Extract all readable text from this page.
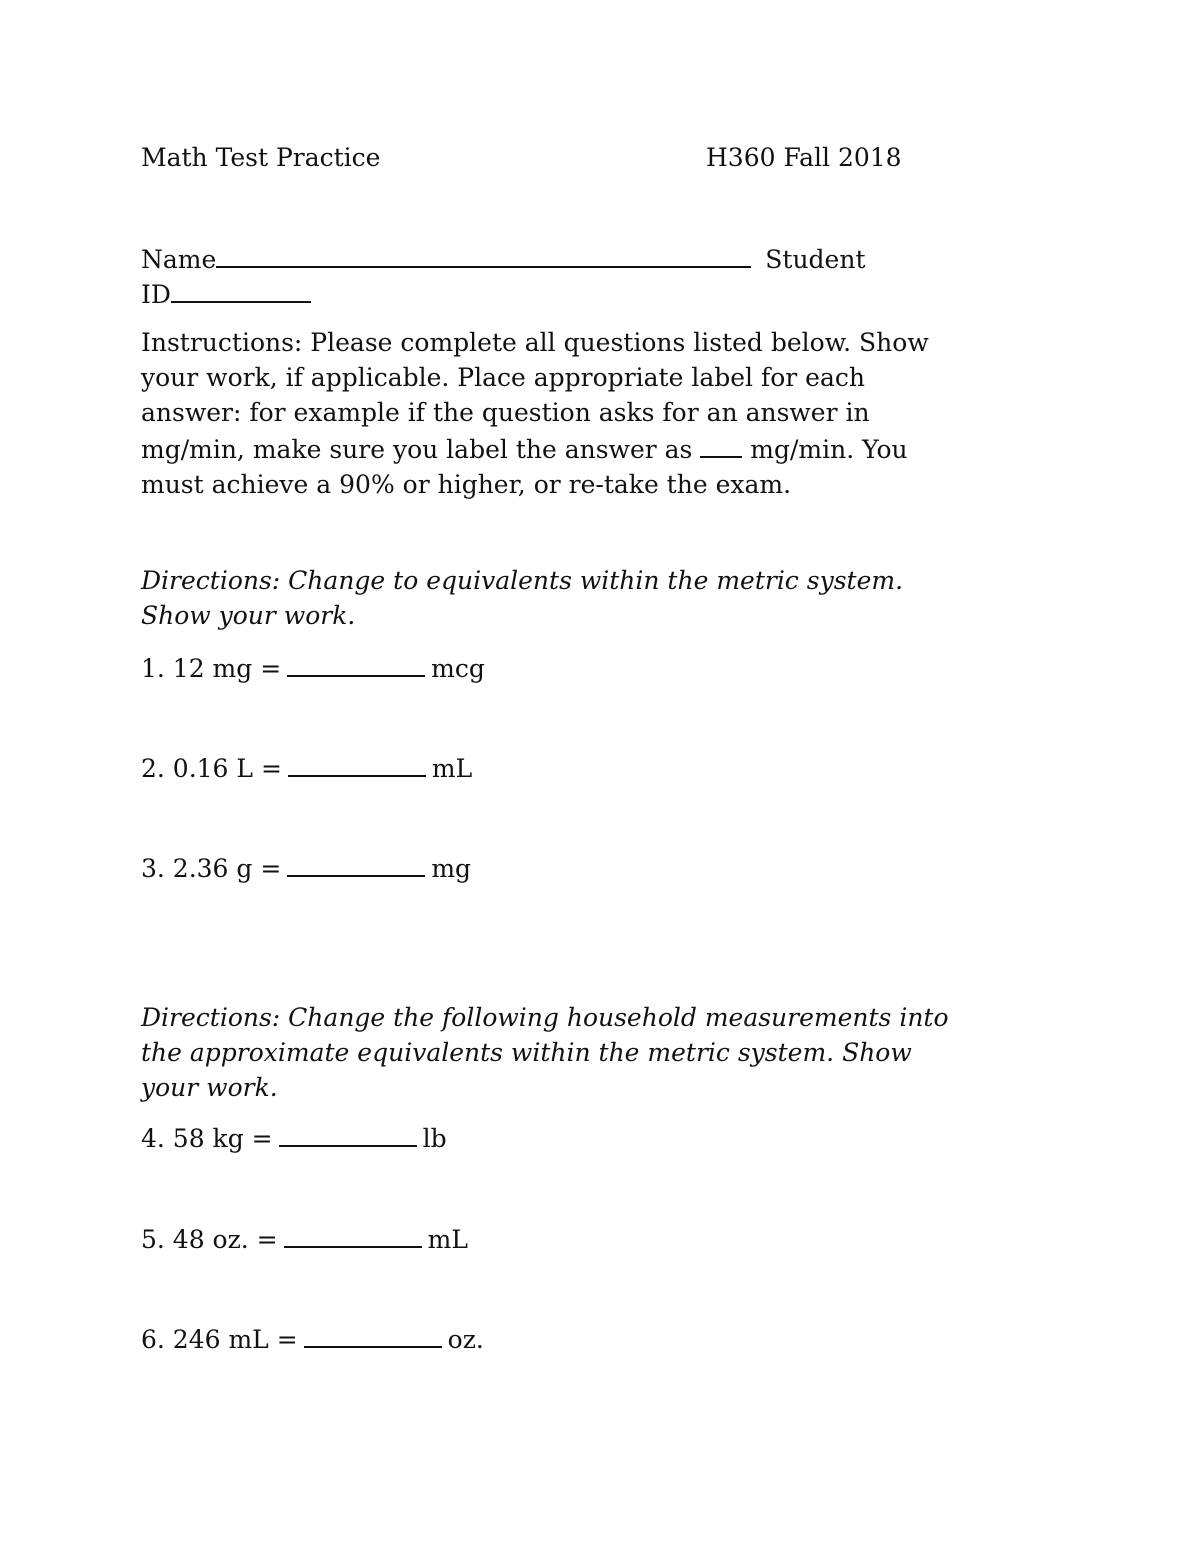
Math Test Practice	H360 Fall 2018
Name	Student
ID
Instructions: Please complete all questions listed below. Show
your work, if applicable. Place appropriate label for each
answer: for example if the question asks for an answer in
mg/min, make sure you label the answer as mg/min. You
must achieve a 90% or higher, or re-take the exam.
Directions: Change to equivalents within the metric system.
Show your work.
1. 12 mg =	mcg
2. 0.16 L =	mL
3. 2.36 g =	mg
Directions: Change the following household measurements into
the approximate equivalents within the metric system. Show
your work.
4. 58 kg =	lb
5. 48 oz. =	mL
6. 246 mL =	oz.
